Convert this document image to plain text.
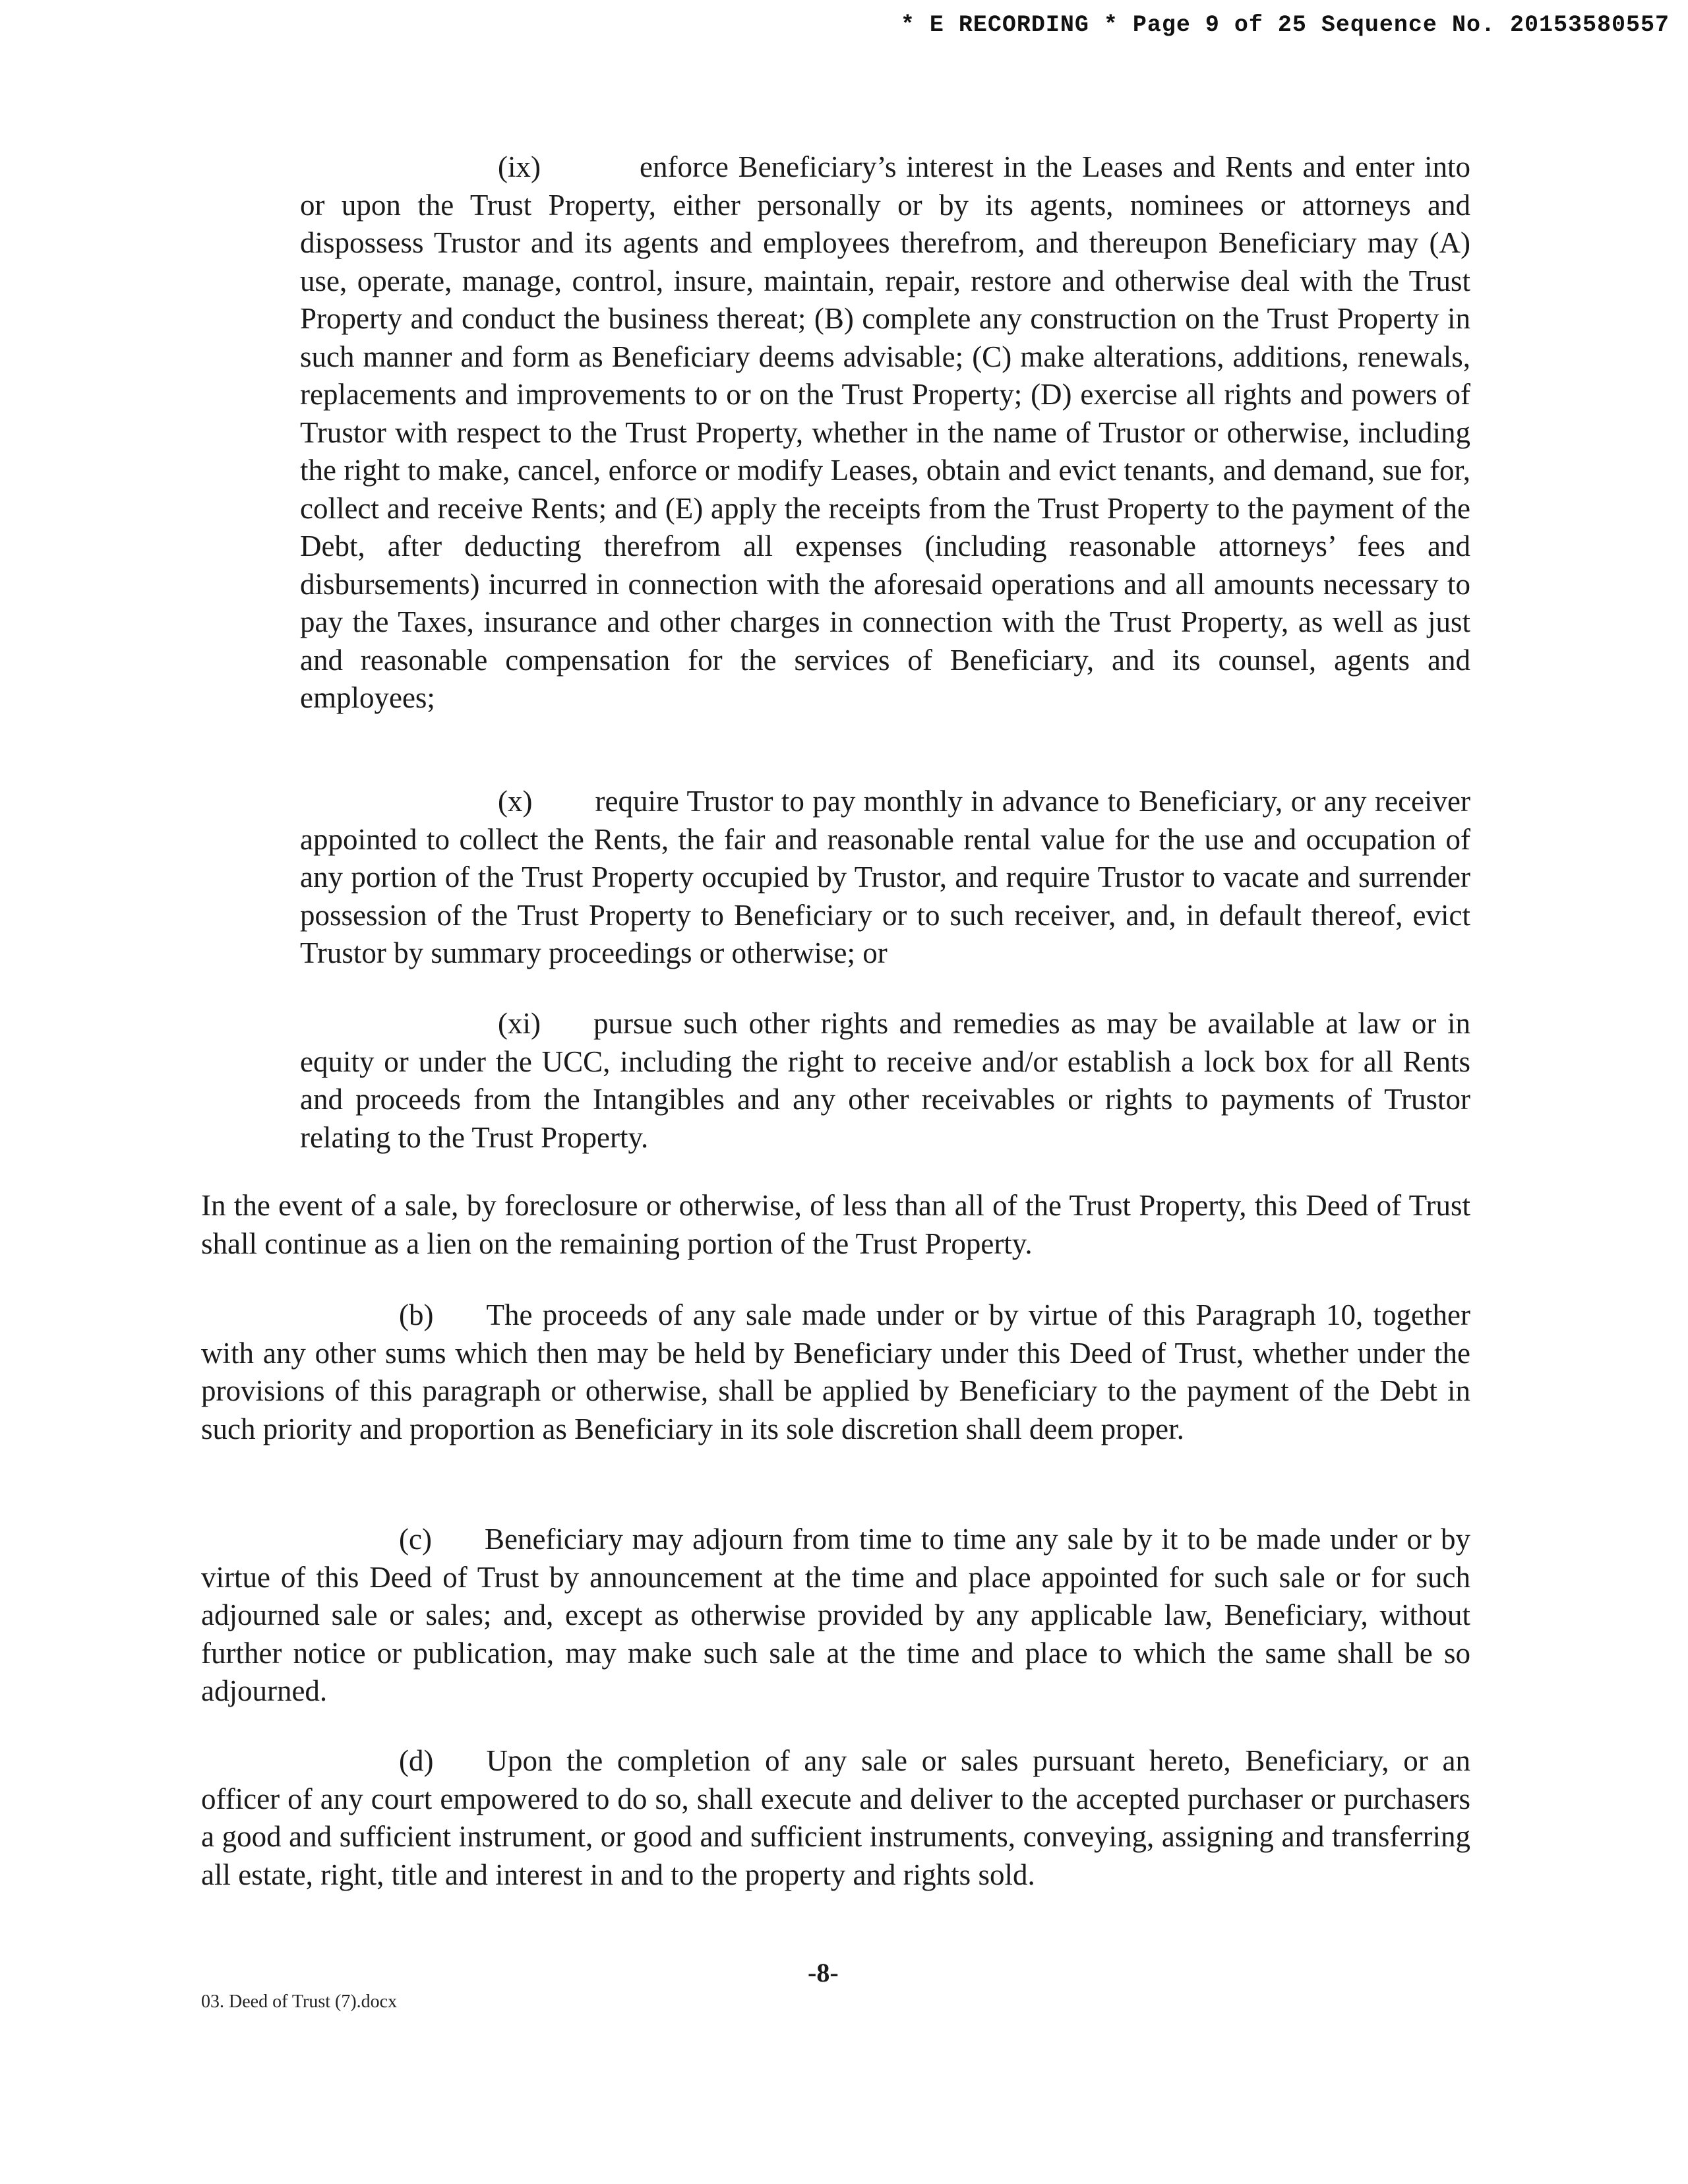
* E RECORDING * Page 9 of 25 Sequence No. 20153580557

(ix)	enforce Beneficiary’s interest in the Leases and Rents and enter into or upon the Trust Property, either personally or by its agents, nominees or attorneys and dispossess Trustor and its agents and employees therefrom, and thereupon Beneficiary may (A) use, operate, manage, control, insure, maintain, repair, restore and otherwise deal with the Trust Property and conduct the business thereat; (B) complete any construction on the Trust Property in such manner and form as Beneficiary deems advisable; (C) make alterations, additions, renewals, replacements and improvements to or on the Trust Property; (D) exercise all rights and powers of Trustor with respect to the Trust Property, whether in the name of Trustor or otherwise, including the right to make, cancel, enforce or modify Leases, obtain and evict tenants, and demand, sue for, collect and receive Rents; and (E) apply the receipts from the Trust Property to the payment of the Debt, after deducting therefrom all expenses (including reasonable attorneys’ fees and disbursements) incurred in connection with the aforesaid operations and all amounts necessary to pay the Taxes, insurance and other charges in connection with the Trust Property, as well as just and reasonable compensation for the services of Beneficiary, and its counsel, agents and employees;

(x) require Trustor to pay monthly in advance to Beneficiary, or any receiver appointed to collect the Rents, the fair and reasonable rental value for the use and occupation of any portion of the Trust Property occupied by Trustor, and require Trustor to vacate and surrender possession of the Trust Property to Beneficiary or to such receiver, and, in default thereof, evict Trustor by summary proceedings or otherwise; or

(xi) pursue such other rights and remedies as may be available at law or in equity or under the UCC, including the right to receive and/or establish a lock box for all Rents and proceeds from the Intangibles and any other receivables or rights to payments of Trustor relating to the Trust Property.

In the event of a sale, by foreclosure or otherwise, of less than all of the Trust Property, this Deed of Trust shall continue as a lien on the remaining portion of the Trust Property.

(b) The proceeds of any sale made under or by virtue of this Paragraph 10, together with any other sums which then may be held by Beneficiary under this Deed of Trust, whether under the provisions of this paragraph or otherwise, shall be applied by Beneficiary to the payment of the Debt in such priority and proportion as Beneficiary in its sole discretion shall deem proper.

(c) Beneficiary may adjourn from time to time any sale by it to be made under or by virtue of this Deed of Trust by announcement at the time and place appointed for such sale or for such adjourned sale or sales; and, except as otherwise provided by any applicable law, Beneficiary, without further notice or publication, may make such sale at the time and place to which the same shall be so adjourned.

(d) Upon the completion of any sale or sales pursuant hereto, Beneficiary, or an officer of any court empowered to do so, shall execute and deliver to the accepted purchaser or purchasers a good and sufficient instrument, or good and sufficient instruments, conveying, assigning and transferring all estate, right, title and interest in and to the property and rights sold.

-8-
03. Deed of Trust (7).docx
